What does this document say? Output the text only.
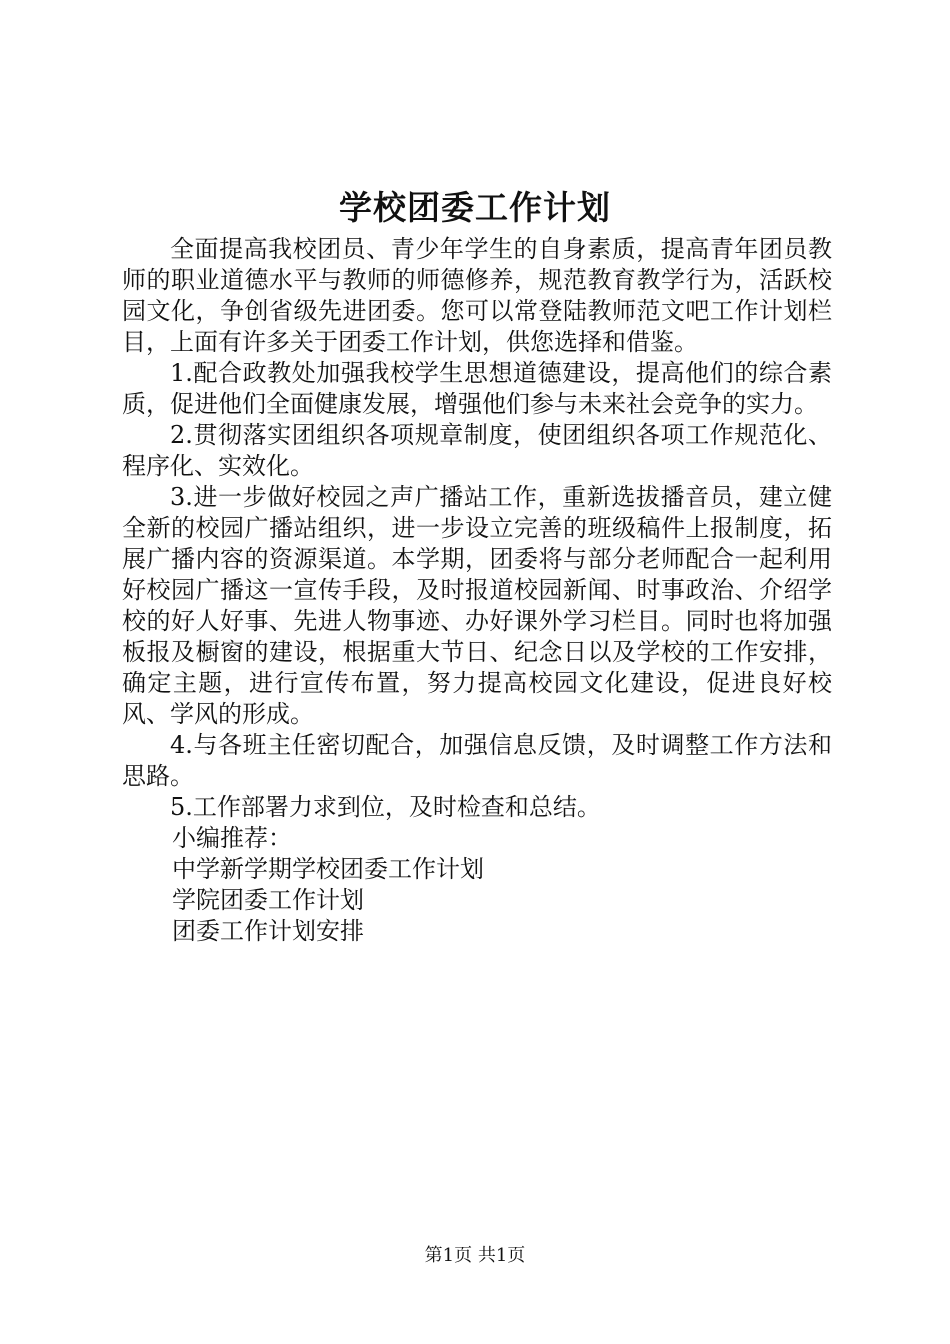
学校团委工作计划

全面提高我校团员、青少年学生的自身素质，提高青年团员教师的职业道德水平与教师的师德修养，规范教育教学行为，活跃校园文化，争创省级先进团委。您可以常登陆教师范文吧工作计划栏目，上面有许多关于团委工作计划，供您选择和借鉴。

1.配合政教处加强我校学生思想道德建设，提高他们的综合素质，促进他们全面健康发展，增强他们参与未来社会竞争的实力。

2.贯彻落实团组织各项规章制度，使团组织各项工作规范化、程序化、实效化。

3.进一步做好校园之声广播站工作，重新选拔播音员，建立健全新的校园广播站组织，进一步设立完善的班级稿件上报制度，拓展广播内容的资源渠道。本学期，团委将与部分老师配合一起利用好校园广播这一宣传手段，及时报道校园新闻、时事政治、介绍学校的好人好事、先进人物事迹、办好课外学习栏目。同时也将加强板报及橱窗的建设，根据重大节日、纪念日以及学校的工作安排，确定主题，进行宣传布置，努力提高校园文化建设，促进良好校风、学风的形成。

4.与各班主任密切配合，加强信息反馈，及时调整工作方法和思路。

5.工作部署力求到位，及时检查和总结。

小编推荐：
中学新学期学校团委工作计划
学院团委工作计划
团委工作计划安排
第1页 共1页
